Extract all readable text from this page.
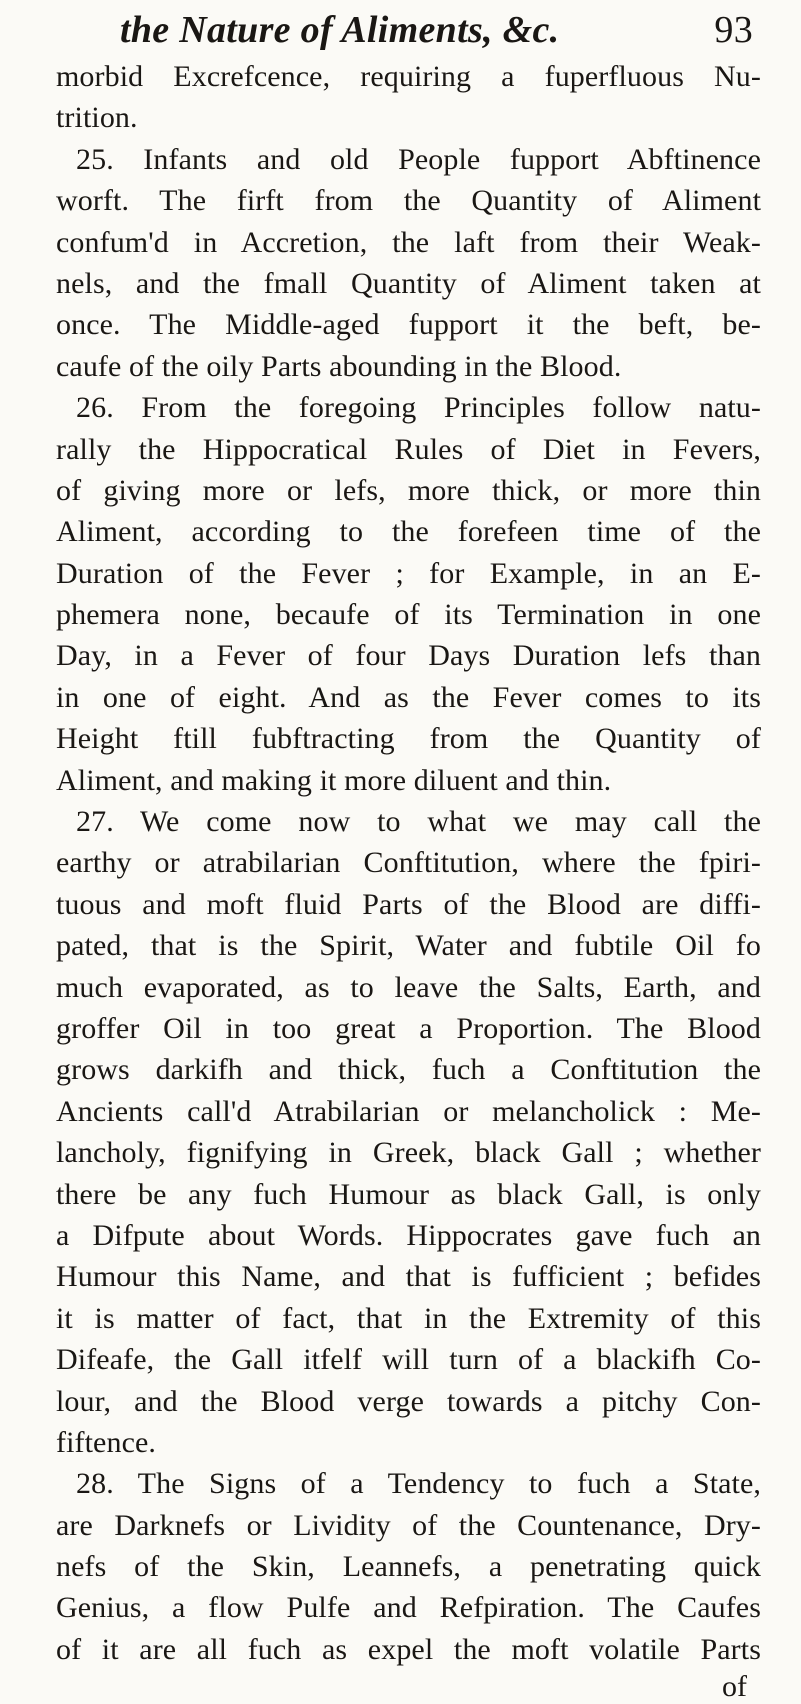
the Nature of Aliments, &c.	93
morbid Excrefcence, requiring a fuperfluous Nu-
trition.
25. Infants and old People fupport Abftinence
worft. The firft from the Quantity of Aliment
confum'd in Accretion, the laft from their Weak-
nels, and the fmall Quantity of Aliment taken at
once. The Middle-aged fupport it the beft, be-
caufe of the oily Parts abounding in the Blood.
26. From the foregoing Principles follow natu-
rally the Hippocratical Rules of Diet in Fevers,
of giving more or lefs, more thick, or more thin
Aliment, according to the forefeen time of the
Duration of the Fever ; for Example, in an E-
phemera none, becaufe of its Termination in one
Day, in a Fever of four Days Duration lefs than
in one of eight. And as the Fever comes to its
Height ftill fubftracting from the Quantity of
Aliment, and making it more diluent and thin.
27. We come now to what we may call the
earthy or atrabilarian Conftitution, where the fpiri-
tuous and moft fluid Parts of the Blood are diffi-
pated, that is the Spirit, Water and fubtile Oil fo
much evaporated, as to leave the Salts, Earth, and
groffer Oil in too great a Proportion. The Blood
grows darkifh and thick, fuch a Conftitution the
Ancients call'd Atrabilarian or melancholick : Me-
lancholy, fignifying in Greek, black Gall ; whether
there be any fuch Humour as black Gall, is only
a Difpute about Words. Hippocrates gave fuch an
Humour this Name, and that is fufficient ; befides
it is matter of fact, that in the Extremity of this
Difeafe, the Gall itfelf will turn of a blackifh Co-
lour, and the Blood verge towards a pitchy Con-
fiftence.
28. The Signs of a Tendency to fuch a State,
are Darknefs or Lividity of the Countenance, Dry-
nefs of the Skin, Leannefs, a penetrating quick
Genius, a flow Pulfe and Refpiration. The Caufes
of it are all fuch as expel the moft volatile Parts
of
